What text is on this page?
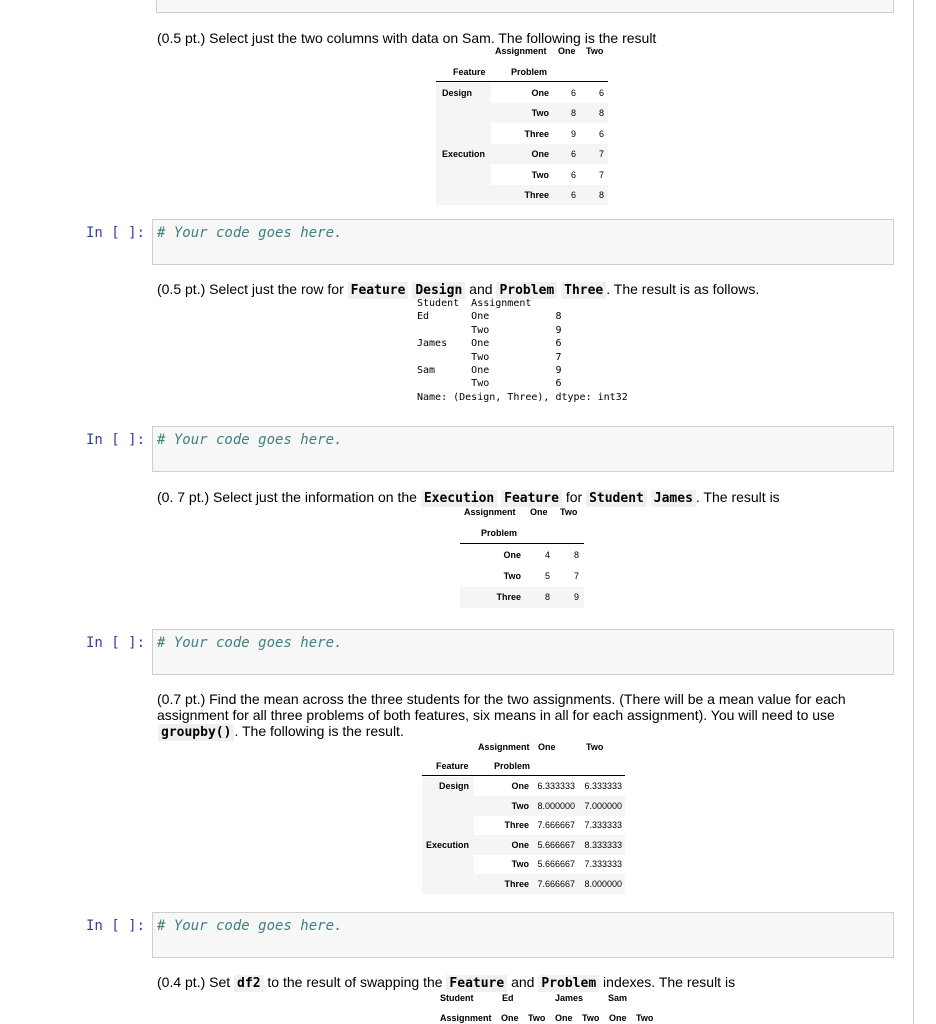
(0.5 pt.) Select just the two columns with data on Sam. The following is the result
Assignment One Two
Feature	Problem
Design	One	6	6
Two	8	8
Three	9	6
Execution	One	6	7
Two	6	7
Three	6	8
In [ ]: # Your code goes here.
(0.5 pt.) Select just the row for Feature Design and Problem Three . The result is as follows.
Student  Assignment
Ed       One           8
Two           9
James    One           6
Two           7
Sam      One           9
Two           6
Name: (Design, Three), dtype: int32
In [ ]: # Your code goes here.
(0. 7 pt.) Select just the information on the Execution Feature for Student James . The result is
Assignment One Two
Problem
One	4	8
Two	5	7
Three	8	9
In [ ]: # Your code goes here.
(0.7 pt.) Find the mean across the three students for the two assignments. (There will be a mean value for each
assignment for all three problems of both features, six means in all for each assignment). You will need to use
groupby() . The following is the result.
Assignment One	Two
Feature	Problem
Design	One 6.333333	6.333333
Two 8.000000	7.000000
Three 7.666667	7.333333
Execution	One 5.666667	8.333333
Two 5.666667	7.333333
Three 7.666667	8.000000
In [ ]: # Your code goes here.
(0.4 pt.) Set df2 to the result of swapping the Feature and Problem indexes. The result is
Student	Ed	James	Sam
Assignment One Two One Two One Two
